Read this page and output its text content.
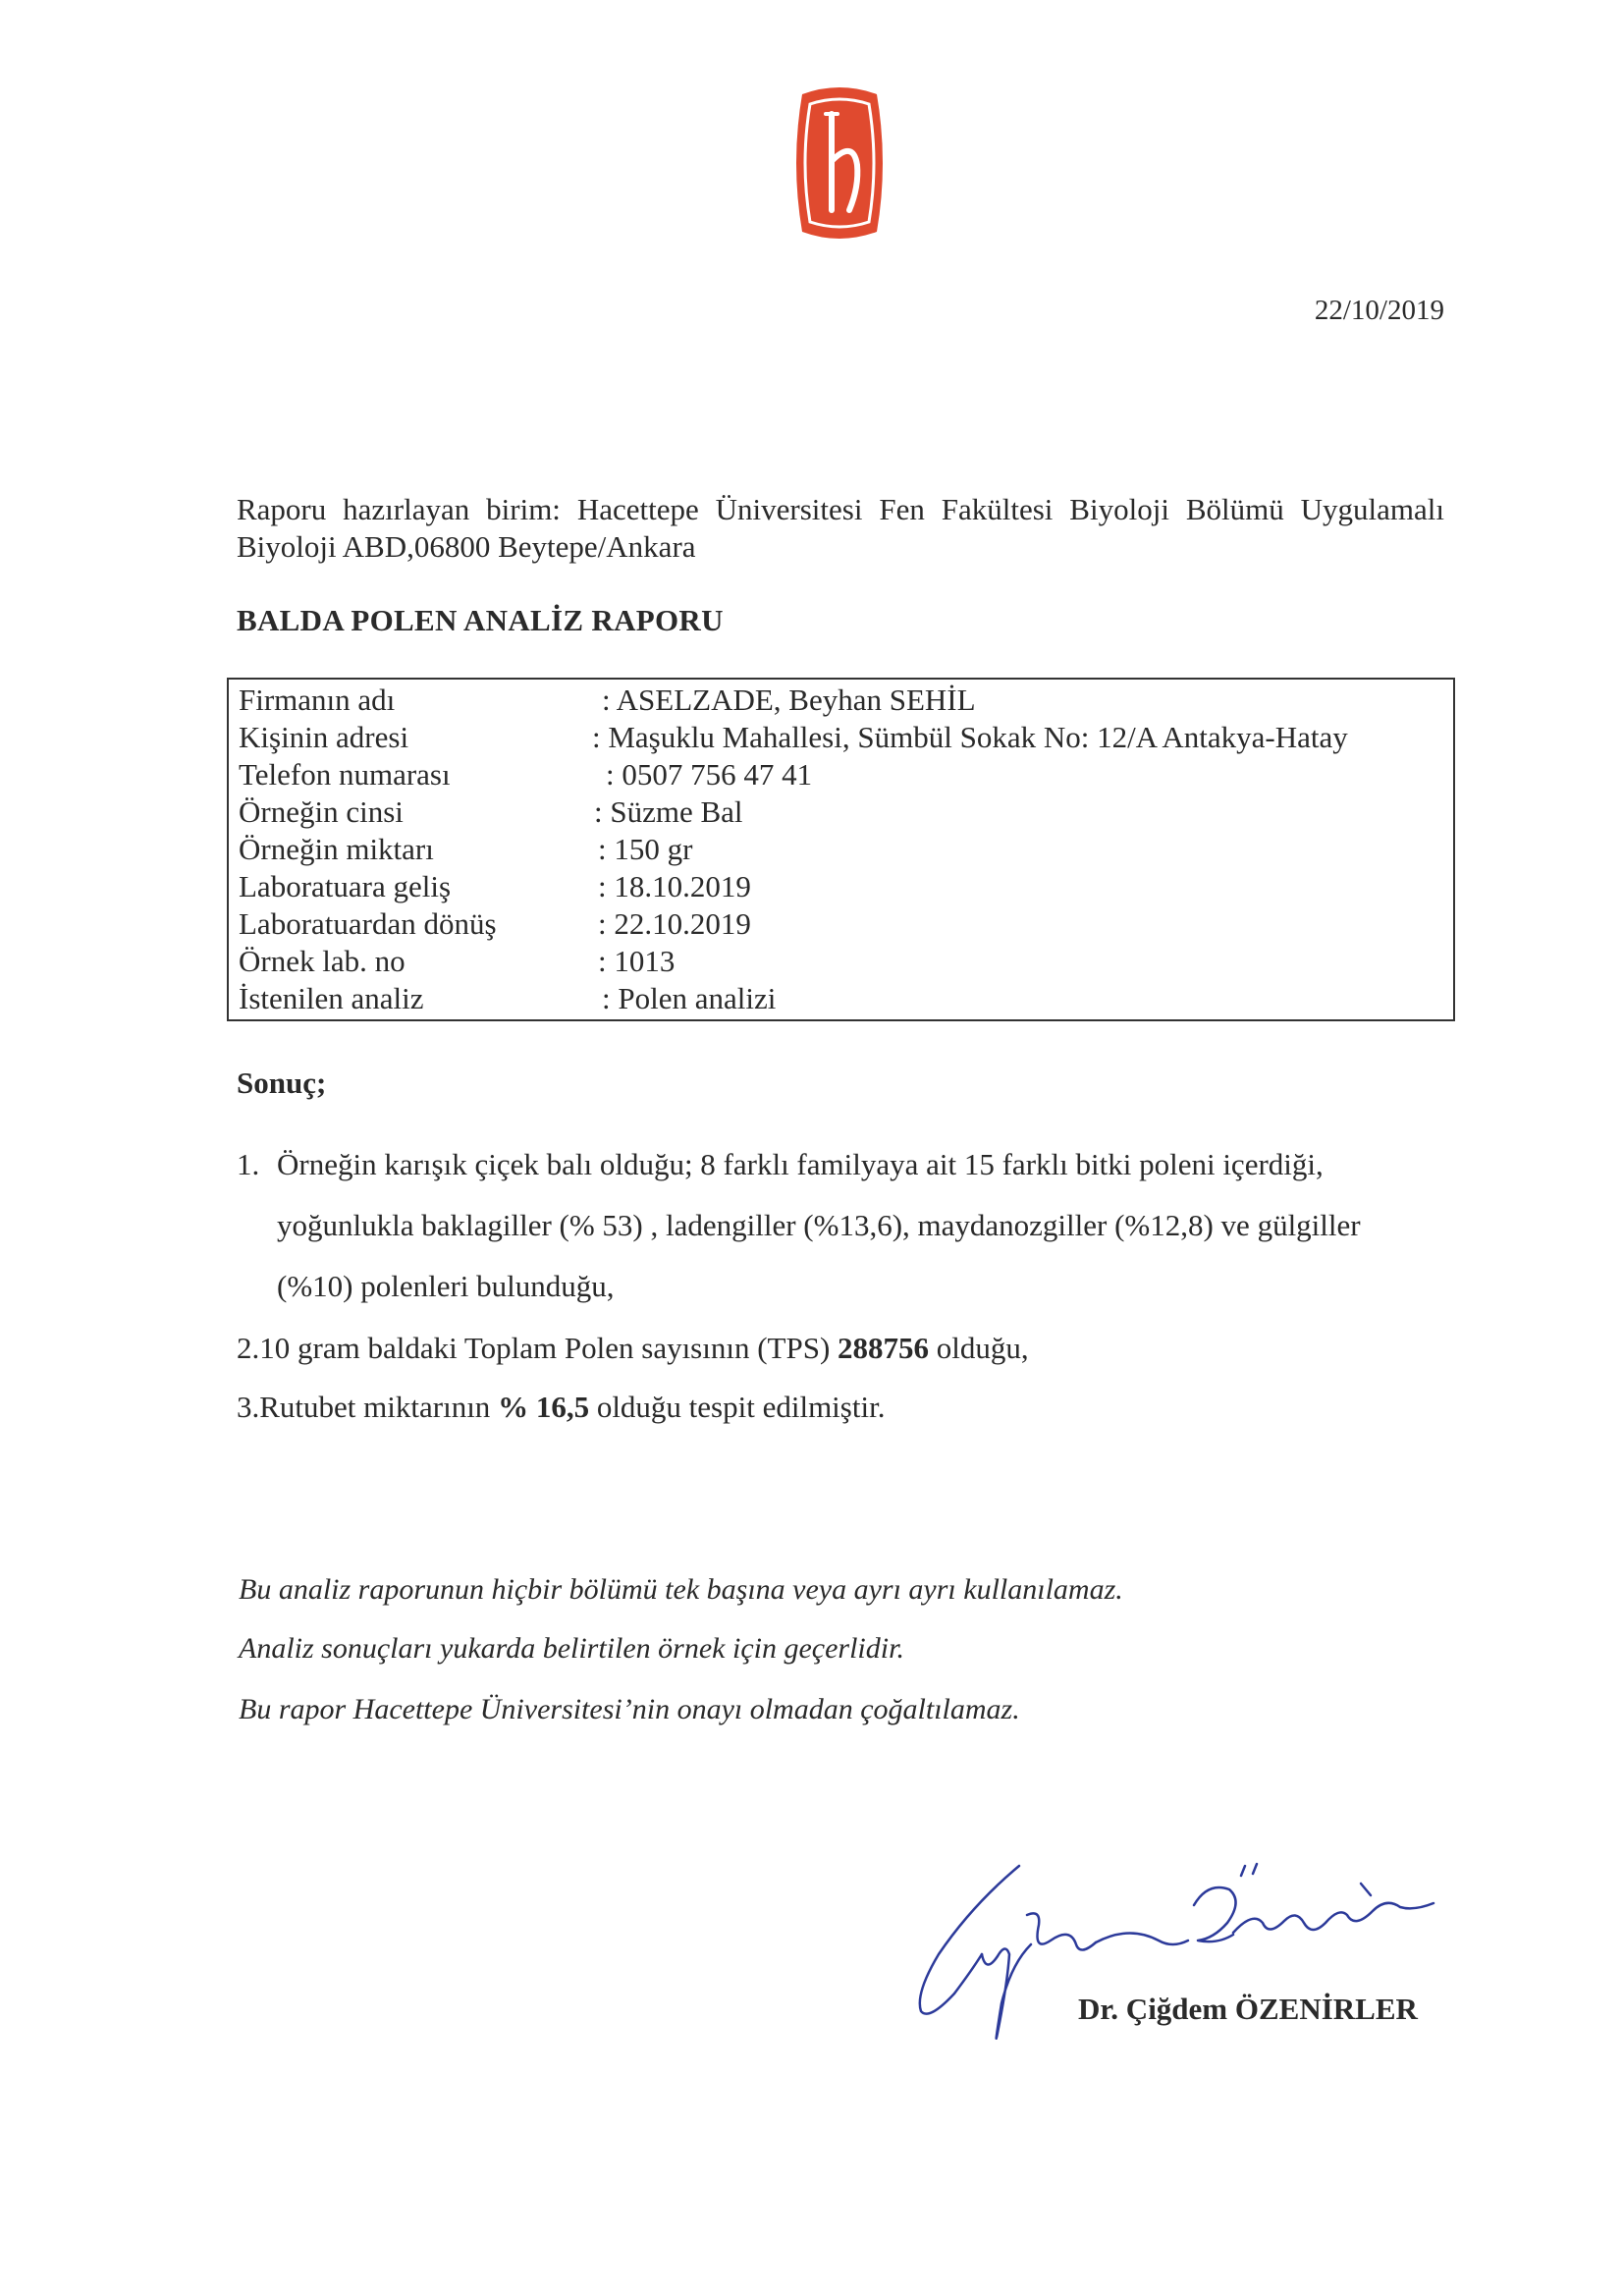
22/10/2019
Raporu hazırlayan birim: Hacettepe Üniversitesi Fen Fakültesi Biyoloji Bölümü Uygulamalı Biyoloji ABD,06800 Beytepe/Ankara
BALDA POLEN ANALİZ RAPORU
Firmanın adı	: ASELZADE, Beyhan SEHİL
Kişinin adresi	: Maşuklu Mahallesi, Sümbül Sokak No: 12/A Antakya-Hatay
Telefon numarası	: 0507 756 47 41
Örneğin cinsi	: Süzme Bal
Örneğin miktarı	: 150 gr
Laboratuara geliş	: 18.10.2019
Laboratuardan dönüş	: 22.10.2019
Örnek lab. no	: 1013
İstenilen analiz	: Polen analizi
Sonuç;
1. Örneğin karışık çiçek balı olduğu; 8 farklı familyaya ait 15 farklı bitki poleni içerdiği,
yoğunlukla baklagiller (% 53) , ladengiller (%13,6), maydanozgiller (%12,8) ve gülgiller
(%10) polenleri bulunduğu,
2.10 gram baldaki Toplam Polen sayısının (TPS) 288756 olduğu,
3.Rutubet miktarının % 16,5 olduğu tespit edilmiştir.
Bu analiz raporunun hiçbir bölümü tek başına veya ayrı ayrı kullanılamaz.
Analiz sonuçları yukarda belirtilen örnek için geçerlidir.
Bu rapor Hacettepe Üniversitesi’nin onayı olmadan çoğaltılamaz.
Dr. Çiğdem ÖZENİRLER
